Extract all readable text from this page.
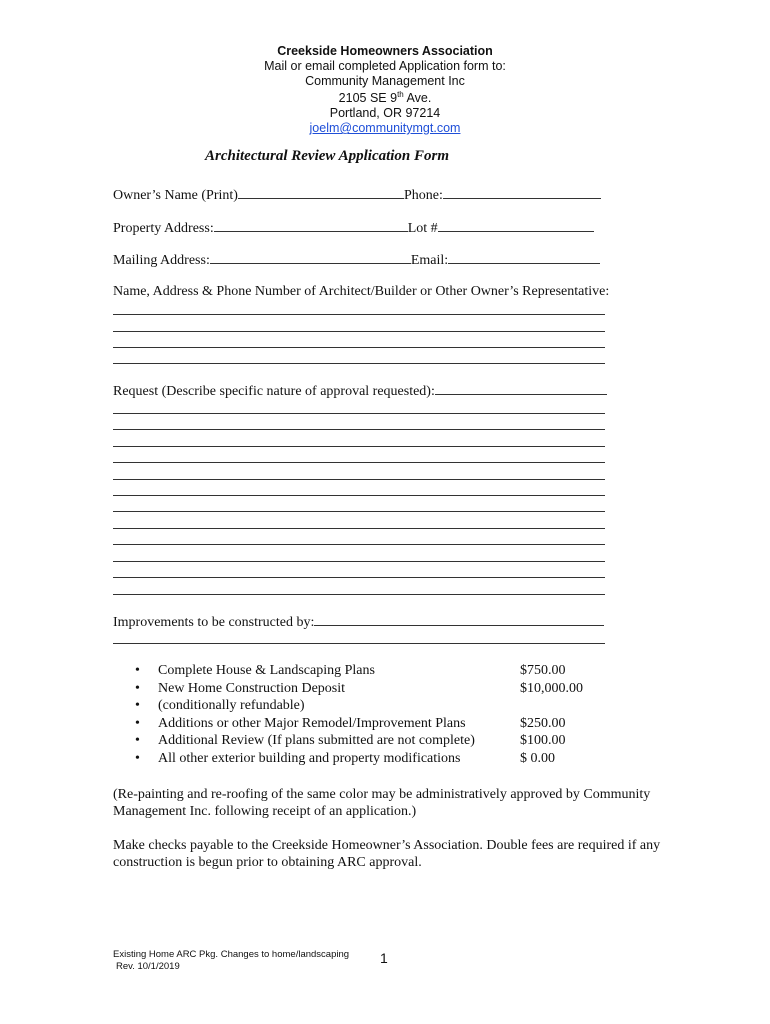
Creekside Homeowners Association
Mail or email completed Application form to:
Community Management Inc
2105 SE 9th Ave.
Portland, OR 97214
joelm@communitymgt.com
Architectural Review Application Form
Owner’s Name (Print)	Phone:
Property Address:	Lot #
Mailing Address:	Email:
Name, Address & Phone Number of Architect/Builder or Other Owner’s Representative:
Request (Describe specific nature of approval requested):
Improvements to be constructed by:
• Complete House & Landscaping Plans	$750.00
• New Home Construction Deposit	$10,000.00
• (conditionally refundable)
• Additions or other Major Remodel/Improvement Plans	$250.00
• Additional Review (If plans submitted are not complete)	$100.00
• All other exterior building and property modifications	$ 0.00
(Re-painting and re-roofing of the same color may be administratively approved by Community Management Inc. following receipt of an application.)
Make checks payable to the Creekside Homeowner’s Association. Double fees are required if any construction is begun prior to obtaining ARC approval.
Existing Home ARC Pkg. Changes to home/landscaping
Rev. 10/1/2019	1
